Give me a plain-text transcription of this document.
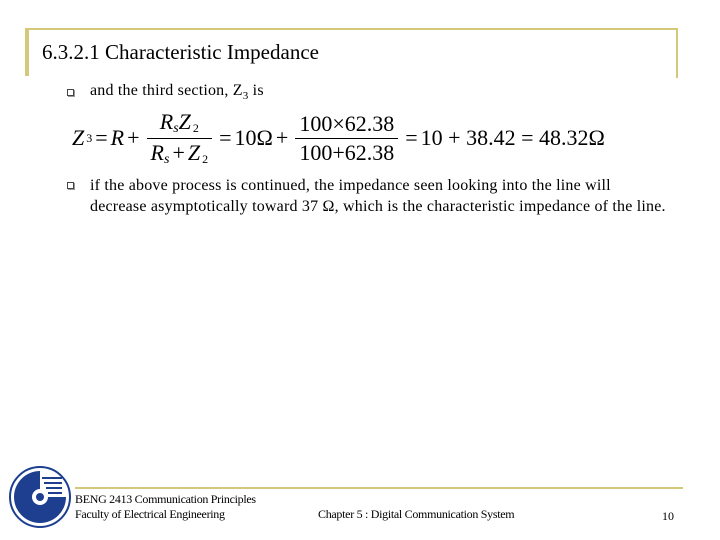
6.3.2.1 Characteristic Impedance
and the third section, $Z_3$ is
Z $3 = R + \frac{\text{RsZ 2}}{Rs + Z 2} = 10\Omega + \frac{100\times 62.38}{100+62.38} = 10 + 38.42 = 48.32\Omega$
if the above process is continued, the impedance seen looking into the line will
decrease asymptotically toward 37 Ω, which is the characteristic impedance of the line.
BENG 2413 Communication Principles
Faculty of Electrical Engineering	Chapter 5 : Digital Communication System	10
